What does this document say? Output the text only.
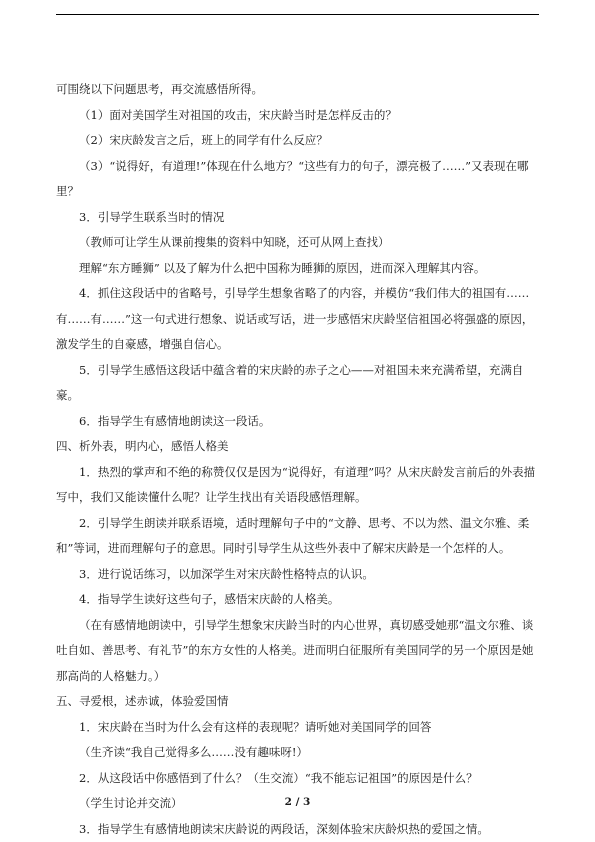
可围绕以下问题思考，再交流感悟所得。

（1）面对美国学生对祖国的攻击，宋庆龄当时是怎样反击的？

（2）宋庆龄发言之后，班上的同学有什么反应？

（3）“说得好，有道理!”体现在什么地方？“这些有力的句子，漂亮极了……”又表现在哪里？

3．引导学生联系当时的情况

（教师可让学生从课前搜集的资料中知晓，还可从网上查找）

理解“东方睡狮” 以及了解为什么把中国称为睡狮的原因，进而深入理解其内容。

4．抓住这段话中的省略号，引导学生想象省略了的内容，并模仿“我们伟大的祖国有……有……有……”这一句式进行想象、说话或写话，进一步感悟宋庆龄坚信祖国必将强盛的原因，激发学生的自豪感，增强自信心。

5．引导学生感悟这段话中蕴含着的宋庆龄的赤子之心——对祖国未来充满希望，充满自豪。

6．指导学生有感情地朗读这一段话。

四、析外表，明内心，感悟人格美

1．热烈的掌声和不绝的称赞仅仅是因为“说得好，有道理”吗？从宋庆龄发言前后的外表描写中，我们又能读懂什么呢？让学生找出有关语段感悟理解。

2．引导学生朗读并联系语境，适时理解句子中的“文静、思考、不以为然、温文尔雅、柔和”等词，进而理解句子的意思。同时引导学生从这些外表中了解宋庆龄是一个怎样的人。

3．进行说话练习，以加深学生对宋庆龄性格特点的认识。

4．指导学生读好这些句子，感悟宋庆龄的人格美。

（在有感情地朗读中，引导学生想象宋庆龄当时的内心世界，真切感受她那“温文尔雅、谈吐自如、善思考、有礼节”的东方女性的人格美。进而明白征服所有美国同学的另一个原因是她那高尚的人格魅力。）

五、寻爱根，述赤诚，体验爱国情

1．宋庆龄在当时为什么会有这样的表现呢？请听她对美国同学的回答

（生齐读“我自己觉得多么……没有趣味呀!）

2．从这段话中你感悟到了什么？（生交流）“我不能忘记祖国”的原因是什么？

（学生讨论并交流）

3．指导学生有感情地朗读宋庆龄说的两段话，深刻体验宋庆龄炽热的爱国之情。

2 / 3
